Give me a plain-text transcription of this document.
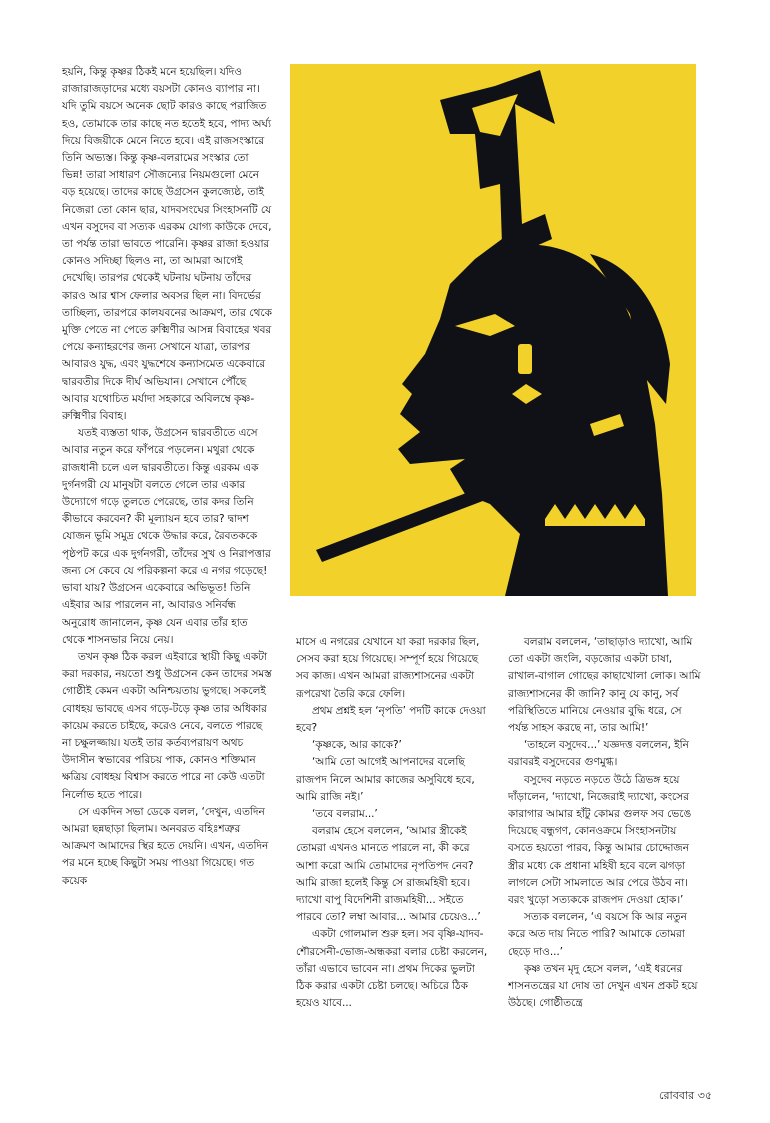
হয়নি, কিন্তু কৃষ্ণর ঠিকই মনে হয়েছিল। যদিও রাজারাজড়াদের মধ্যে বয়সটা কোনও ব্যাপার না। যদি তুমি বয়সে অনেক ছোট কারও কাছে পরাজিত হও, তোমাকে তার কাছে নত হতেই হবে, পাদ্য অর্ঘ্য দিয়ে বিজয়ীকে মেনে নিতে হবে। এই রাজসংস্কারে তিনি অভ্যস্ত। কিন্তু কৃষ্ণ-বলরামের সংস্কার তো ভিন্ন! তারা সাধারণ সৌজন্যের নিয়মগুলো মেনে বড় হয়েছে। তাদের কাছে উগ্রসেন কুলজ্যেষ্ঠ, তাই নিজেরা তো কোন ছার, যাদবসংঘের সিংহাসনটি যে এখন বসুদেব বা সত্যক এরকম যোগ্য কাউকে দেবে, তা পর্যন্ত তারা ভাবতে পারেনি। কৃষ্ণর রাজা হওয়ার কোনও সদিচ্ছা ছিলও না, তা আমরা আগেই দেখেছি। তারপর থেকেই ঘটনায় ঘটনায় তাঁদের কারও আর শ্বাস ফেলার অবসর ছিল না। বিদর্ভের তাচ্ছিল্য, তারপরে কালযবনের আক্রমণ, তার থেকে মুক্তি পেতে না পেতে রুক্মিণীর আসন্ন বিবাহের খবর পেয়ে কন্যাহরণের জন্য সেখানে যাত্রা, তারপর আবারও যুদ্ধ, এবং যুদ্ধশেষে কন্যাসমেত একেবারে দ্বারবতীর দিকে দীর্ঘ অভিযান। সেখানে পৌঁছে আবার যথোচিত মর্যাদা সহকারে অবিলম্বে কৃষ্ণ-রুক্মিণীর বিবাহ।

যতই ব্যস্ততা থাক, উগ্রসেন দ্বারবতীতে এসে আবার নতুন করে ফাঁপরে পড়লেন। মথুরা থেকে রাজধানী চলে এল দ্বারবতীতে। কিন্তু এরকম এক দুর্গনগরী যে মানুষটা বলতে গেলে তার একার উদ্যোগে গড়ে তুলতে পেরেছে, তার কদর তিনি কীভাবে করবেন? কী মূল্যায়ন হবে তার? দ্বাদশ যোজন ভূমি সমুদ্র থেকে উদ্ধার করে, রৈবতককে পৃষ্ঠপট করে এক দুর্গনগরী, তাঁদের সুখ ও নিরাপত্তার জন্য সে কেবে যে পরিকল্পনা করে এ নগর গড়েছে! ভাবা যায়? উগ্রসেন একেবারে অভিভূত! তিনি এইবার আর পারলেন না, আবারও সনির্বন্ধ অনুরোধ জানালেন, কৃষ্ণ যেন এবার তাঁর হাত থেকে শাসনভার নিয়ে নেয়।

তখন কৃষ্ণ ঠিক করল এইবারে স্থায়ী কিছু একটা করা দরকার, নয়তো শুধু উগ্রসেন কেন তাদের সমস্ত গোষ্ঠীই কেমন একটা অনিশ্চয়তায় ভুগছে। সকলেই বোধহয় ভাবছে এসব গড়ে-টড়ে কৃষ্ণ তার অধিকার কায়েম করতে চাইছে, করেও নেবে, বলতে পারছে না চক্ষুলজ্জায়। যতই তার কর্তব্যপরায়ণ অথচ উদাসীন স্বভাবের পরিচয় পাক, কোনও শক্তিমান ক্ষত্রিয় বোধহয় বিশ্বাস করতে পারে না কেউ এতটা নির্লোভ হতে পারে।

সে একদিন সভা ডেকে বলল, ‘দেখুন, এতদিন আমরা ছন্নছাড়া ছিলাম। অনবরত বহিঃশত্রুর আক্রমণ আমাদের স্থির হতে দেয়নি। এখন, এতদিন পর মনে হচ্ছে কিছুটা সময় পাওয়া গিয়েছে। গত কয়েক

মাসে এ নগরের যেখানে যা করা দরকার ছিল, সেসব করা হয়ে গিয়েছে। সম্পূর্ণ হয়ে গিয়েছে সব কাজ। এখন আমরা রাজ্যশাসনের একটা রূপরেখা তৈরি করে ফেলি।

প্রথম প্রশ্নই হল ‘নৃপতি’ পদটি কাকে দেওয়া হবে?

‘কৃষ্ণকে, আর কাকে?’

‘আমি তো আগেই আপনাদের বলেছি রাজপদ নিলে আমার কাজের অসুবিধে হবে, আমি রাজি নই।’

‘তবে বলরাম...’

বলরাম হেসে বললেন, ‘আমার স্ত্রীকেই তোমরা এখনও মানতে পারলে না, কী করে আশা করো আমি তোমাদের নৃপতিপদ নেব? আমি রাজা হলেই কিন্তু সে রাজমহিষী হবে। দ্যাখো বাপু বিদেশিনী রাজমহিষী... সইতে পারবে তো? লম্বা আবার... আমার চেয়েও...’

একটা গোলমাল শুরু হল। সব বৃষ্ণি-যাদব-শৌরসেনী-ভোজ-অন্ধকরা বলার চেষ্টা করলেন, তাঁরা এভাবে ভাবেন না। প্রথম দিকের ভুলটা ঠিক করার একটা চেষ্টা চলছে। অচিরে ঠিক হয়েও যাবে...

বলরাম বললেন, ‘তাছাড়াও দ্যাখো, আমি তো একটা জংলি, বড়জোর একটা চাষা, রাখাল-বাগাল গোছের কাছাখোলা লোক। আমি রাজ্যশাসনের কী জানি? কানু যে কানু, সর্ব পরিস্থিতিতে মানিয়ে নেওয়ার বুদ্ধি ধরে, সে পর্যন্ত সাহস করছে না, তার আমি!’

‘তাহলে বসুদেব...’ যজ্ঞদত্ত বললেন, ইনি বরাবরই বসুদেবের গুণমুগ্ধ।

বসুদেব নড়তে নড়তে উঠে ত্রিভঙ্গ হয়ে দাঁড়ালেন, ‘দ্যাখো, নিজেরাই দ্যাখো, কংসের কারাগার আমার হাঁটু কোমর গুলফ সব ভেঙে দিয়েছে বন্ধুগণ, কোনওক্রমে সিংহাসনটায় বসতে হয়তো পারব, কিন্তু আমার চোদ্দোজন স্ত্রীর মধ্যে কে প্রধানা মহিষী হবে বলে ঝগড়া লাগলে সেটা সামলাতে আর পেরে উঠব না। বরং খুড়ো সত্যককে রাজপদ দেওয়া হোক।’

সত্যক বললেন, ‘এ বয়সে কি আর নতুন করে অত দায় নিতে পারি? আমাকে তোমরা ছেড়ে দাও...’

কৃষ্ণ তখন মৃদু হেসে বলল, ‘এই ধরনের শাসনতন্ত্রের যা দোষ তা দেখুন এখন প্রকট হয়ে উঠছে। গোষ্ঠীতন্ত্রে

রোববার ৩৫
